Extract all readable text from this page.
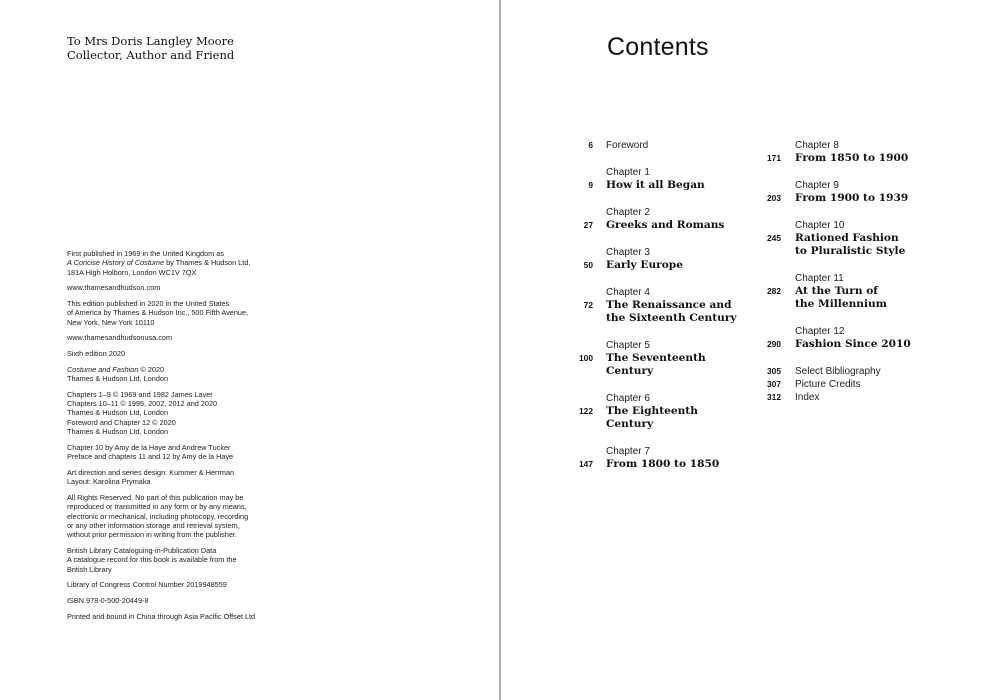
To Mrs Doris Langley Moore
Collector, Author and Friend

First published in 1969 in the United Kingdom as
A Concise History of Costume by Thames & Hudson Ltd,
181A High Holborn, London WC1V 7QX

www.thamesandhudson.com

This edition published in 2020 in the United States
of America by Thames & Hudson Inc., 500 Fifth Avenue,
New York, New York 10110

www.thamesandhudsonusa.com

Sixth edition 2020

Costume and Fashion © 2020
Thames & Hudson Ltd, London

Chapters 1–9 © 1969 and 1982 James Laver
Chapters 10–11 © 1995, 2002, 2012 and 2020
Thames & Hudson Ltd, London
Foreword and Chapter 12 © 2020
Thames & Hudson Ltd, London

Chapter 10 by Amy de la Haye and Andrew Tucker
Preface and chapters 11 and 12 by Amy de la Haye

Art direction and series design: Kummer & Herrman
Layout: Karolina Prymaka

All Rights Reserved. No part of this publication may be
reproduced or transmitted in any form or by any means,
electronic or mechanical, including photocopy, recording
or any other information storage and retrieval system,
without prior permission in writing from the publisher.

British Library Cataloguing-in-Publication Data
A catalogue record for this book is available from the
British Library

Library of Congress Control Number 2019948559

ISBN 978-0-500-20449-8

Printed and bound in China through Asia Pacific Offset Ltd

Contents
6 Foreword
9
Chapter 1
How it all Began
27
Chapter 2
Greeks and Romans
50
Chapter 3
Early Europe
72
Chapter 4
The Renaissance and
the Sixteenth Century
100
Chapter 5
The Seventeenth Century
122
Chapter 6
The Eighteenth Century
147
Chapter 7
From 1800 to 1850
171
Chapter 8
From 1850 to 1900
203
Chapter 9
From 1900 to 1939
245
Chapter 10
Rationed Fashion
to Pluralistic Style
282
Chapter 11
At the Turn of
the Millennium
290
Chapter 12
Fashion Since 2010
305 Select Bibliography
307 Picture Credits
312 Index
